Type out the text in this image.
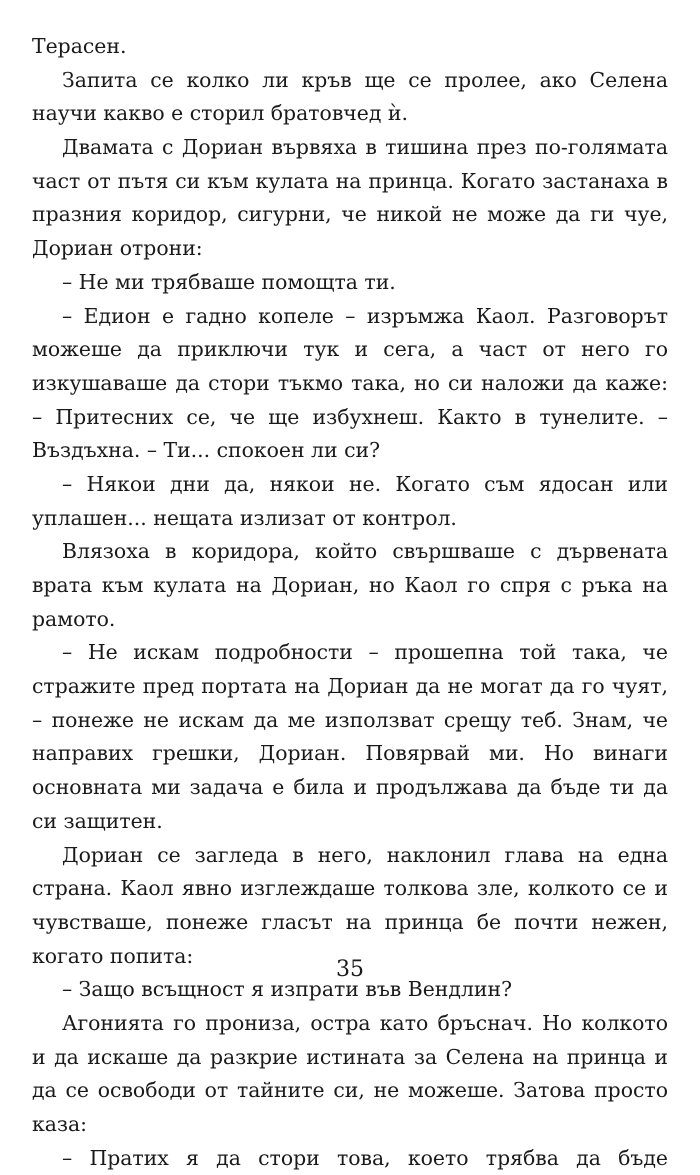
Терасен.
Запита се колко ли кръв ще се пролее, ако Селена
научи какво е сторил братовчед ѝ.
Двамата с Дориан вървяха в тишина през по-голямата
част от пътя си към кулата на принца. Когато застанаха в
празния коридор, сигурни, че никой не може да ги чуе,
Дориан отрони:
– Не ми трябваше помощта ти.
– Едион е гадно копеле – изръмжа Каол. Разговорът
можеше да приключи тук и сега, а част от него го
изкушаваше да стори тъкмо така, но си наложи да каже:
– Притесних се, че ще избухнеш. Както в тунелите. –
Въздъхна. – Ти... спокоен ли си?
– Някои дни да, някои не. Когато съм ядосан или
уплашен... нещата излизат от контрол.
Влязоха в коридора, който свършваше с дървената
врата към кулата на Дориан, но Каол го спря с ръка на
рамото.
– Не искам подробности – прошепна той така, че
стражите пред портата на Дориан да не могат да го чуят,
– понеже не искам да ме използват срещу теб. Знам, че
направих грешки, Дориан. Повярвай ми. Но винаги
основната ми задача е била и продължава да бъде ти да
си защитен.
Дориан се загледа в него, наклонил глава на една
страна. Каол явно изглеждаше толкова зле, колкото се и
чувстваше, понеже гласът на принца бе почти нежен,
когато попита:
– Защо всъщност я изпрати във Вендлин?
Агонията го прониза, остра като бръснач. Но колкото
и да искаше да разкрие истината за Селена на принца и
да се освободи от тайните си, не можеше. Затова просто
каза:
– Пратих я да стори това, което трябва да бъде
35
